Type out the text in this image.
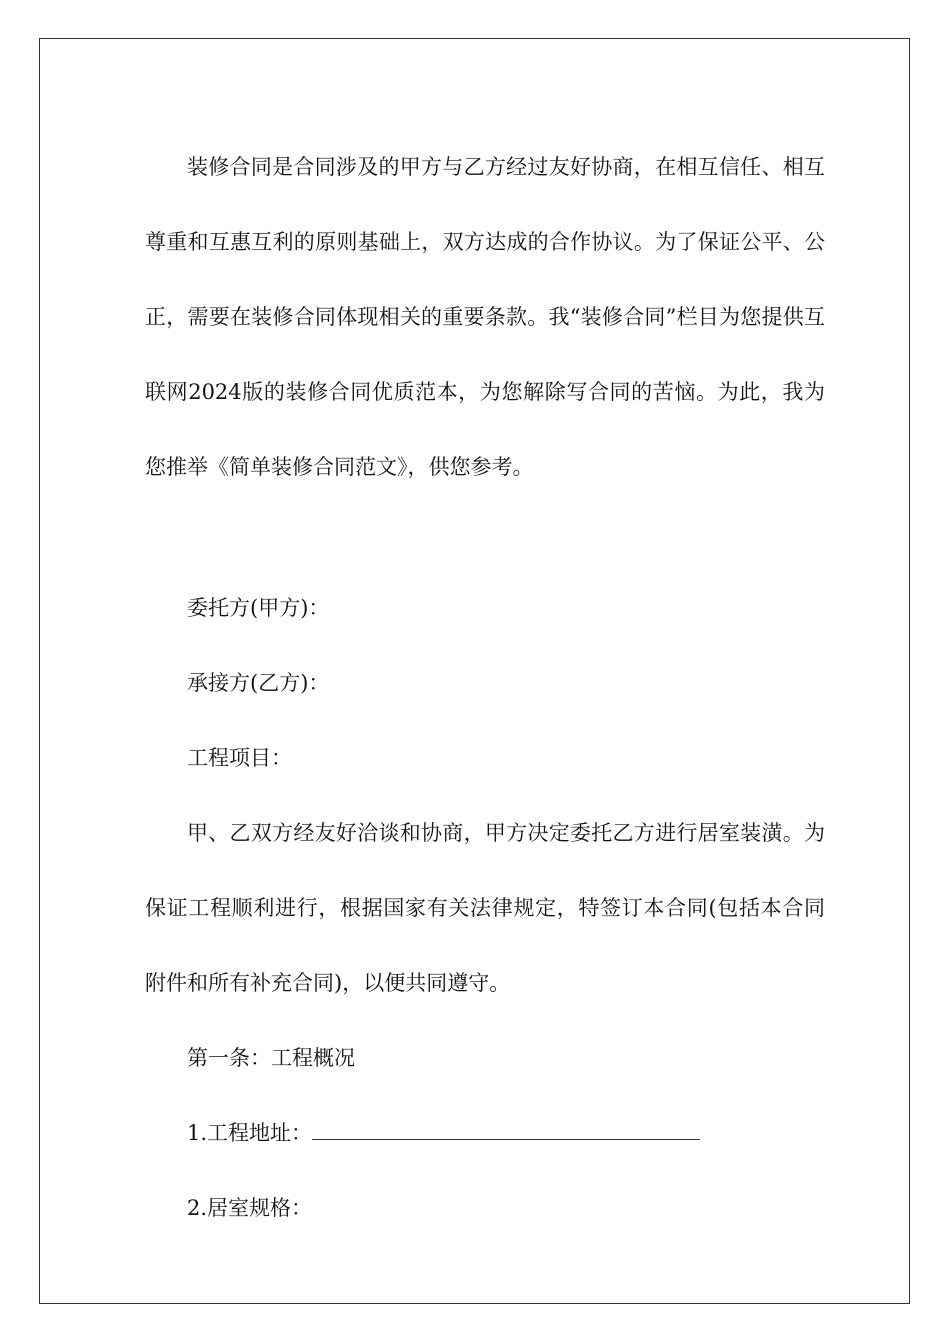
装修合同是合同涉及的甲方与乙方经过友好协商，在相互信任、相互尊重和互惠互利的原则基础上，双方达成的合作协议。为了保证公平、公正，需要在装修合同体现相关的重要条款。我“装修合同”栏目为您提供互联网2024版的装修合同优质范本，为您解除写合同的苦恼。为此，我为您推举《简单装修合同范文》，供您参考。

委托方(甲方)：

承接方(乙方)：

工程项目：

甲、乙双方经友好洽谈和协商，甲方决定委托乙方进行居室装潢。为保证工程顺利进行，根据国家有关法律规定，特签订本合同(包括本合同附件和所有补充合同)，以便共同遵守。

第一条：工程概况

1.工程地址：

2.居室规格：
